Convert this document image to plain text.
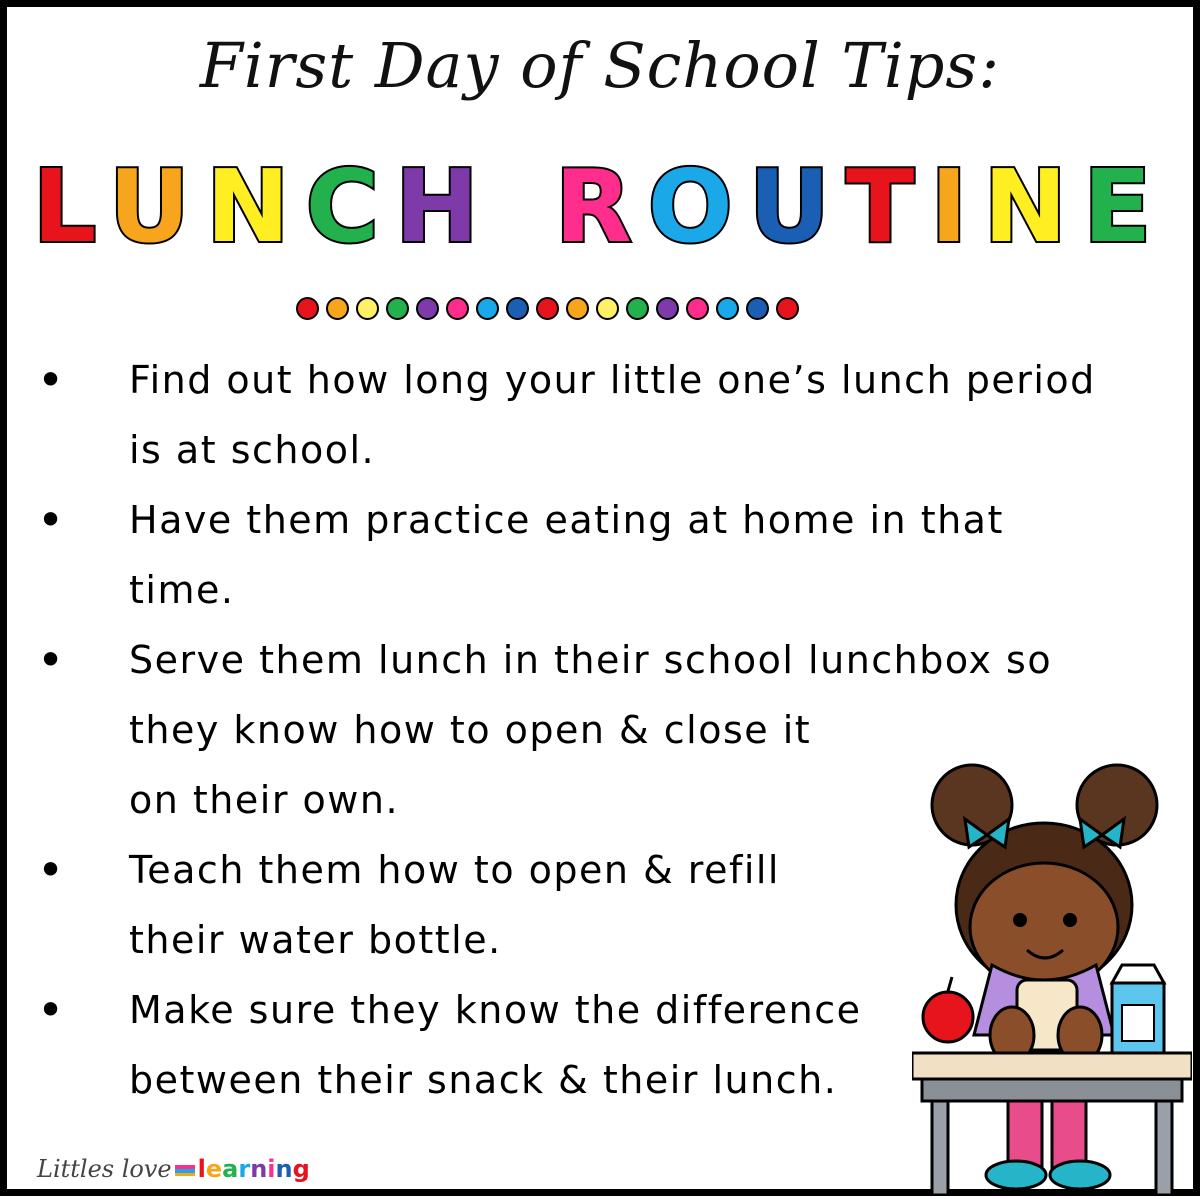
First Day of School Tips:
LUNCH ROUTINE
• Find out how long your little one’s lunch period
is at school.
• Have them practice eating at home in that
time.
• Serve them lunch in their school lunchbox so
they know how to open & close it
on their own.
• Teach them how to open & refill
their water bottle.
• Make sure they know the difference
between their snack & their lunch.
Littles love learning
